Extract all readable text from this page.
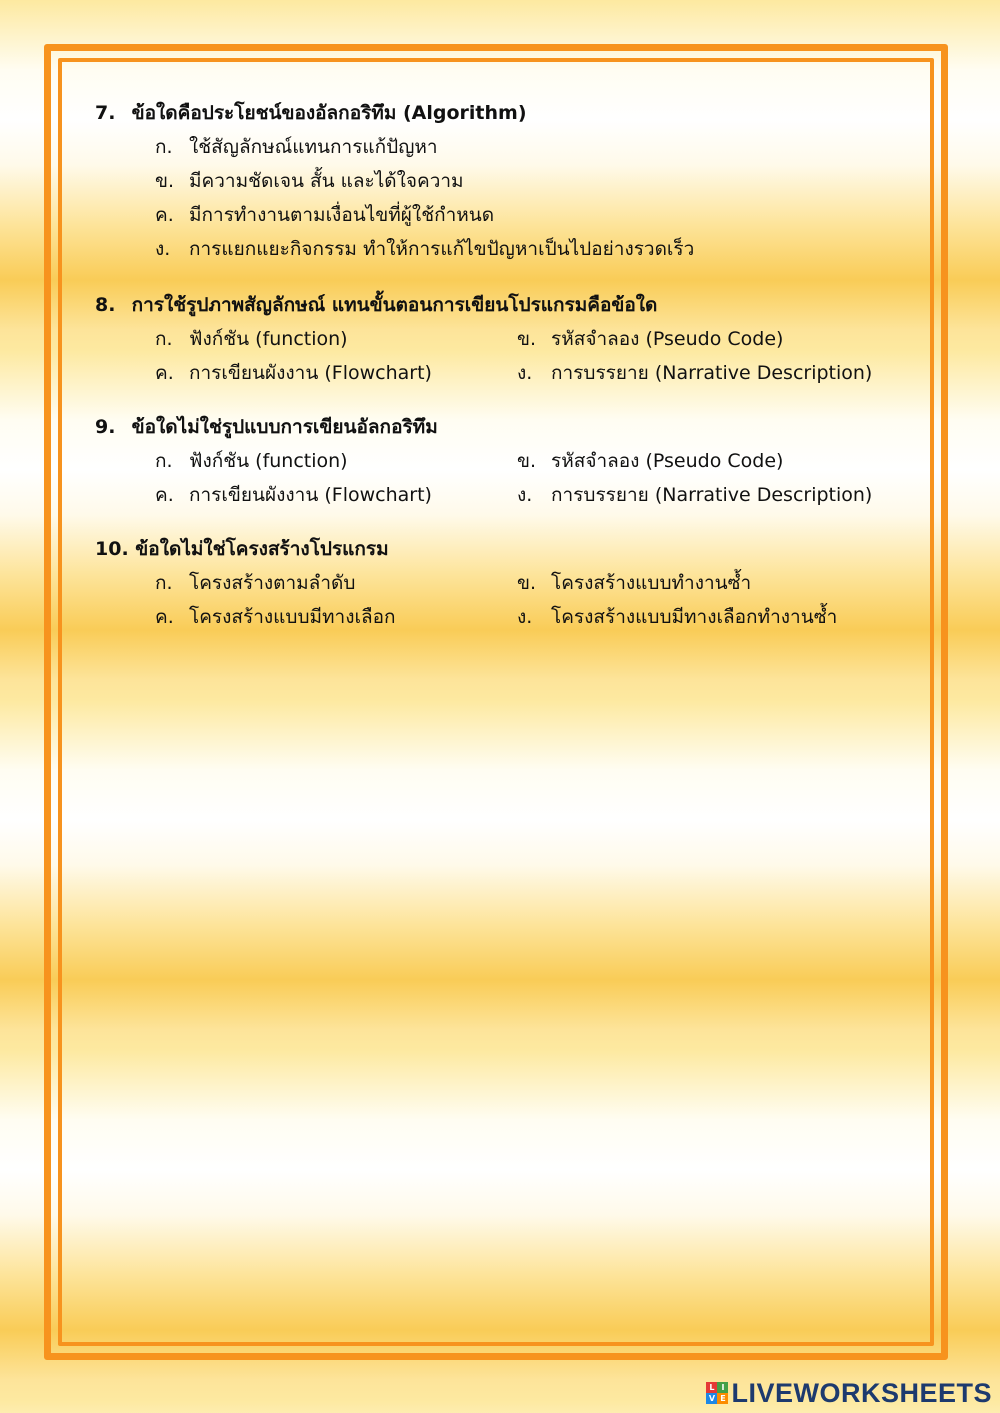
7. ข้อใดคือประโยชน์ของอัลกอริทึม (Algorithm)
ก. ใช้สัญลักษณ์แทนการแก้ปัญหา
ข. มีความชัดเจน สั้น และได้ใจความ
ค. มีการทำงานตามเงื่อนไขที่ผู้ใช้กำหนด
ง. การแยกแยะกิจกรรม ทำให้การแก้ไขปัญหาเป็นไปอย่างรวดเร็ว
8. การใช้รูปภาพสัญลักษณ์ แทนขั้นตอนการเขียนโปรแกรมคือข้อใด
ก. ฟังก์ชัน (function)	ข. รหัสจำลอง (Pseudo Code)
ค. การเขียนผังงาน (Flowchart)	ง. การบรรยาย (Narrative Description)
9. ข้อใดไม่ใช่รูปแบบการเขียนอัลกอริทึม
ก. ฟังก์ชัน (function)	ข. รหัสจำลอง (Pseudo Code)
ค. การเขียนผังงาน (Flowchart)	ง. การบรรยาย (Narrative Description)
10. ข้อใดไม่ใช่โครงสร้างโปรแกรม
ก. โครงสร้างตามลำดับ	ข. โครงสร้างแบบทำงานซ้ำ
ค. โครงสร้างแบบมีทางเลือก	ง. โครงสร้างแบบมีทางเลือกทำงานซ้ำ
L I
V E LIVEWORKSHEETS
